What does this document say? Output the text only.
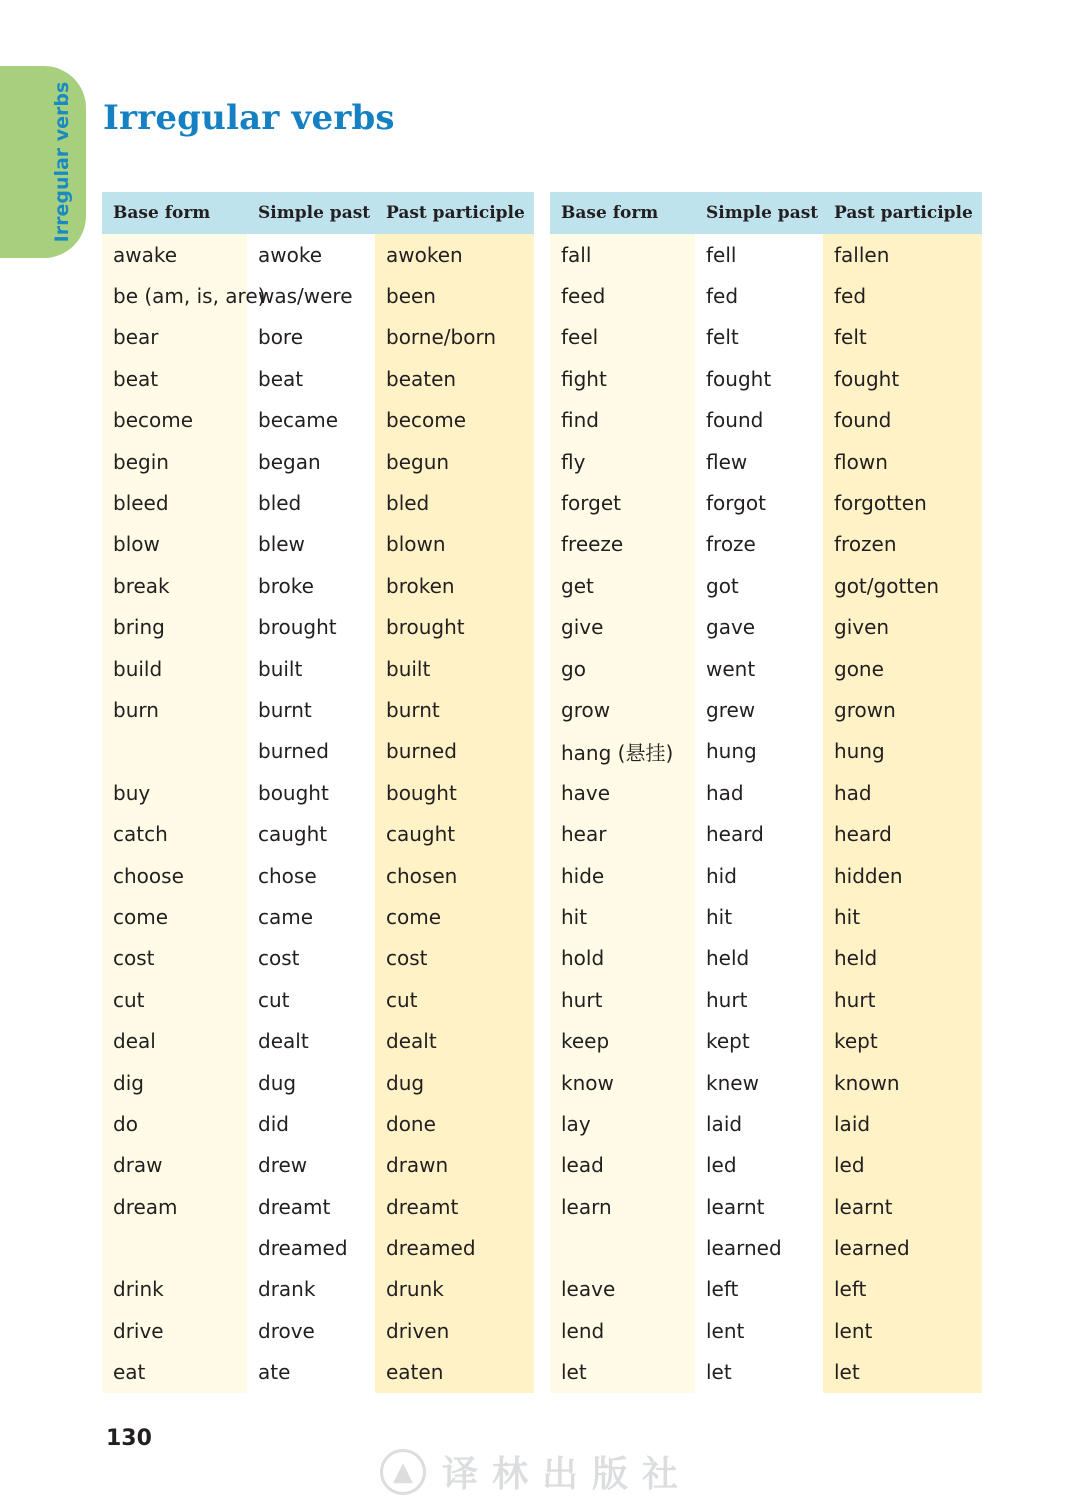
Irregular verbs Irregular verbs
Base form	Simple past	Past participle
awake	awoke	awoken
be (am, is, are)	was/were	been
bear	bore	borne/born
beat	beat	beaten
become	became	become
begin	began	begun
bleed	bled	bled
blow	blew	blown
break	broke	broken
bring	brought	brought
build	built	built
burn	burnt	burnt
	burned	burned
buy	bought	bought
catch	caught	caught
choose	chose	chosen
come	came	come
cost	cost	cost
cut	cut	cut
deal	dealt	dealt
dig	dug	dug
do	did	done
draw	drew	drawn
dream	dreamt	dreamt
	dreamed	dreamed
drink	drank	drunk
drive	drove	driven
eat	ate	eaten
Base form	Simple past	Past participle
fall	fell	fallen
feed	fed	fed
feel	felt	felt
fight	fought	fought
find	found	found
fly	flew	flown
forget	forgot	forgotten
freeze	froze	frozen
get	got	got/gotten
give	gave	given
go	went	gone
grow	grew	grown
hang (悬挂)	hung	hung
have	had	had
hear	heard	heard
hide	hid	hidden
hit	hit	hit
hold	held	held
hurt	hurt	hurt
keep	kept	kept
know	knew	known
lay	laid	laid
lead	led	led
learn	learnt	learnt
	learned	learned
leave	left	left
lend	lent	lent
let	let	let
130
▲ 译林出版社
